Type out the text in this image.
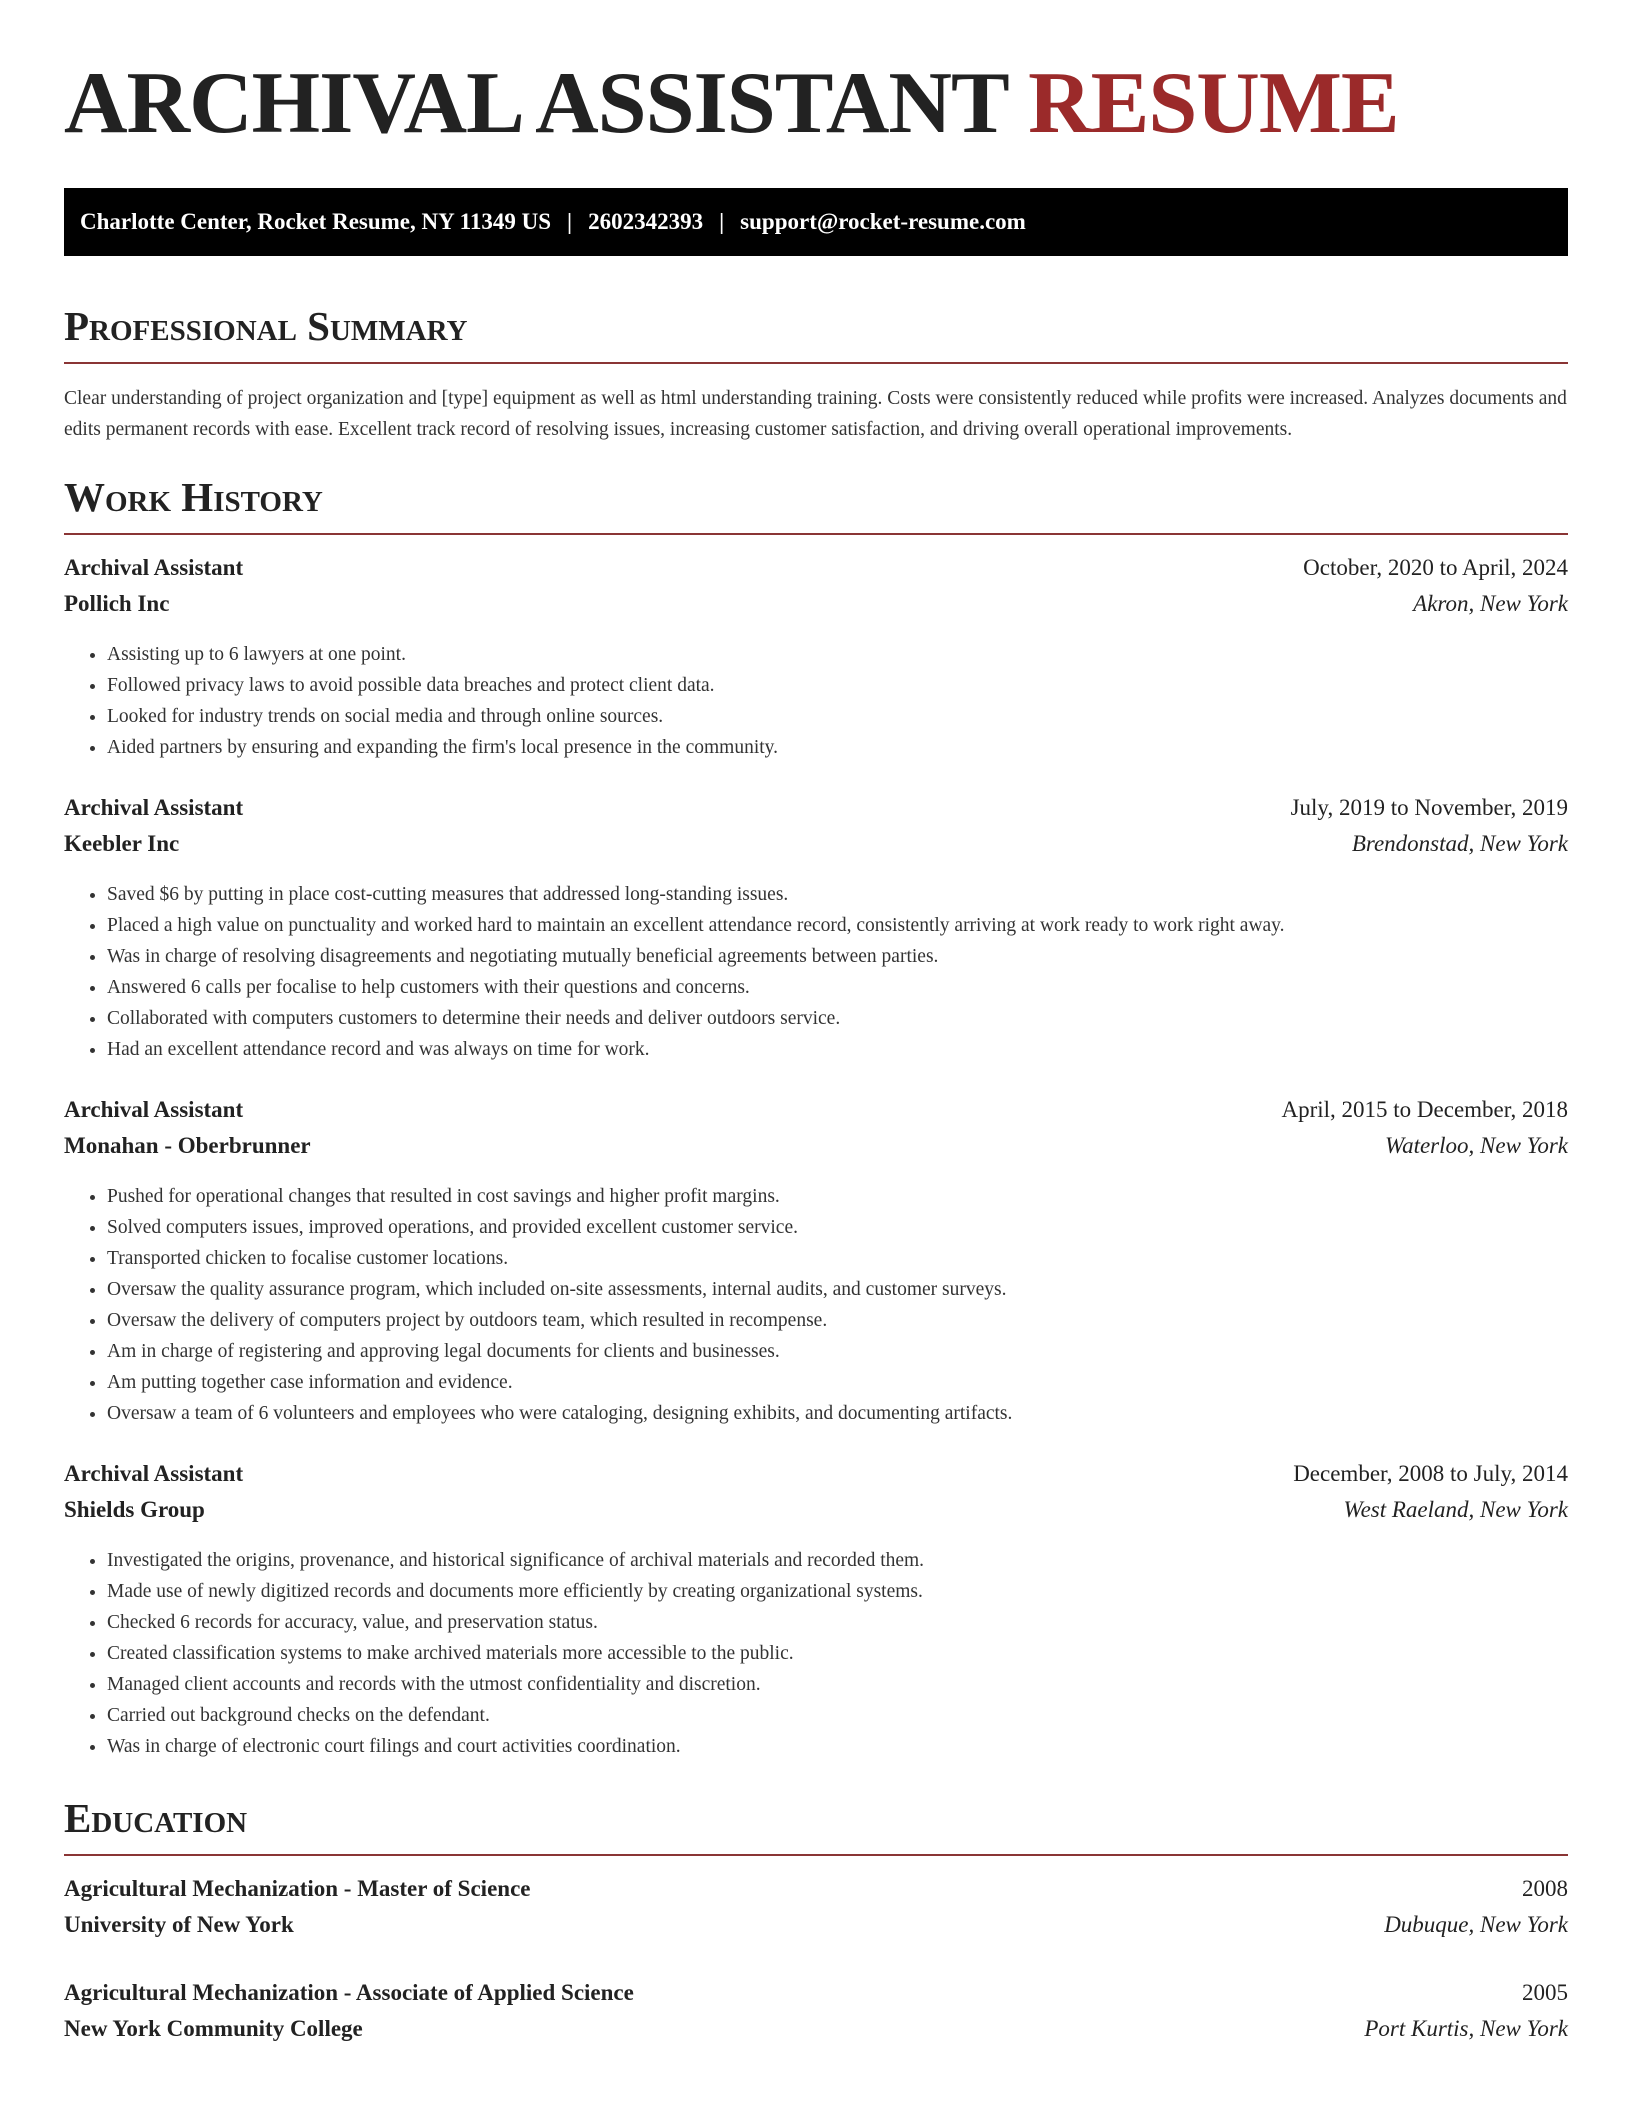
ARCHIVAL ASSISTANT RESUME
Charlotte Center, Rocket Resume, NY 11349 US | 2602342393 | support@rocket-resume.com
Professional Summary

Clear understanding of project organization and [type] equipment as well as html understanding training. Costs were consistently reduced while profits were increased. Analyzes documents and edits permanent records with ease. Excellent track record of resolving issues, increasing customer satisfaction, and driving overall operational improvements.

Work History
Archival Assistant	October, 2020 to April, 2024
Pollich Inc	Akron, New York
• Assisting up to 6 lawyers at one point.
• Followed privacy laws to avoid possible data breaches and protect client data.
• Looked for industry trends on social media and through online sources.
• Aided partners by ensuring and expanding the firm's local presence in the community.
Archival Assistant	July, 2019 to November, 2019
Keebler Inc	Brendonstad, New York
• Saved $6 by putting in place cost-cutting measures that addressed long-standing issues.
• Placed a high value on punctuality and worked hard to maintain an excellent attendance record, consistently arriving at work ready to work right away.
• Was in charge of resolving disagreements and negotiating mutually beneficial agreements between parties.
• Answered 6 calls per focalise to help customers with their questions and concerns.
• Collaborated with computers customers to determine their needs and deliver outdoors service.
• Had an excellent attendance record and was always on time for work.
Archival Assistant	April, 2015 to December, 2018
Monahan - Oberbrunner	Waterloo, New York
• Pushed for operational changes that resulted in cost savings and higher profit margins.
• Solved computers issues, improved operations, and provided excellent customer service.
• Transported chicken to focalise customer locations.
• Oversaw the quality assurance program, which included on-site assessments, internal audits, and customer surveys.
• Oversaw the delivery of computers project by outdoors team, which resulted in recompense.
• Am in charge of registering and approving legal documents for clients and businesses.
• Am putting together case information and evidence.
• Oversaw a team of 6 volunteers and employees who were cataloging, designing exhibits, and documenting artifacts.
Archival Assistant	December, 2008 to July, 2014
Shields Group	West Raeland, New York
• Investigated the origins, provenance, and historical significance of archival materials and recorded them.
• Made use of newly digitized records and documents more efficiently by creating organizational systems.
• Checked 6 records for accuracy, value, and preservation status.
• Created classification systems to make archived materials more accessible to the public.
• Managed client accounts and records with the utmost confidentiality and discretion.
• Carried out background checks on the defendant.
• Was in charge of electronic court filings and court activities coordination.
Education
Agricultural Mechanization - Master of Science	2008
University of New York	Dubuque, New York
Agricultural Mechanization - Associate of Applied Science	2005
New York Community College	Port Kurtis, New York
